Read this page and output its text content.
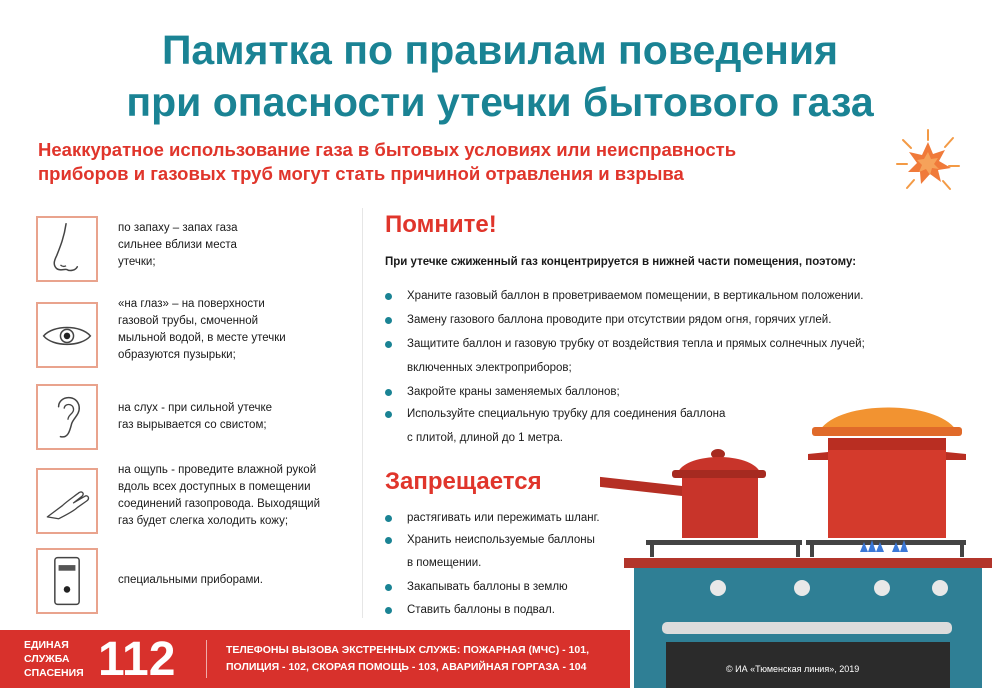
Памятка по правилам поведения
при опасности утечки бытового газа
Неаккуратное использование газа в бытовых условиях или неисправность
приборов и газовых труб могут стать причиной отравления и взрыва
по запаху – запах газа
сильнее вблизи места
утечки;
«на глаз» – на поверхности
газовой трубы, смоченной
мыльной водой, в месте утечки
образуются пузырьки;
на слух - при сильной утечке
газ вырывается со свистом;
на ощупь - проведите влажной рукой
вдоль всех доступных в помещении
соединений газопровода. Выходящий
газ будет слегка холодить кожу;
специальными приборами.
Помните!
При утечке сжиженный газ концентрируется в нижней части помещения, поэтому:
Храните газовый баллон в проветриваемом помещении, в вертикальном положении.
Замену газового баллона проводите при отсутствии рядом огня, горячих углей.
Защитите баллон и газовую трубку от воздействия тепла и прямых солнечных лучей;
включенных электроприборов;
Закройте краны заменяемых баллонов;
Используйте специальную трубку для соединения баллона
с плитой, длиной до 1 метра.
Запрещается
растягивать или пережимать шланг.
Хранить неиспользуемые баллоны
в помещении.
Закапывать баллоны в землю
Ставить баллоны в подвал.
ЕДИНАЯ
СЛУЖБА
СПАСЕНИЯ 112	ТЕЛЕФОНЫ ВЫЗОВА ЭКСТРЕННЫХ СЛУЖБ: ПОЖАРНАЯ (МЧС) - 101,
ПОЛИЦИЯ - 102, СКОРАЯ ПОМОЩЬ - 103, АВАРИЙНАЯ ГОРГАЗА - 104	© ИА «Тюменская линия», 2019
